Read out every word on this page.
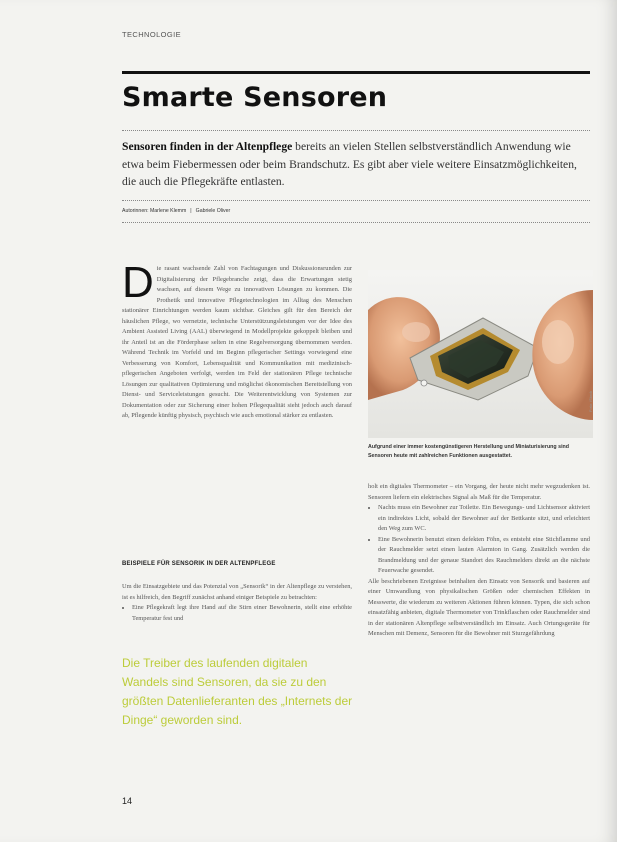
TECHNOLOGIE
Smarte Sensoren

Sensoren finden in der Altenpflege bereits an vielen Stellen selbstverständlich Anwendung wie etwa beim Fiebermessen oder beim Brandschutz. Es gibt aber viele weitere Einsatzmöglichkeiten, die auch die Pflegekräfte entlasten.

Autorinnen: Marlene Klemm | Gabriele Oliver

Die rasant wachsende Zahl von Fachtagungen und Diskussionsrunden zur Digitalisierung der Pflegebranche zeigt, dass die Erwartungen stetig wachsen, auf diesem Wege zu innovativen Lösungen zu kommen. Die Prothetik und innovative Pflegetechnologien im Alltag des Menschen stationärer Einrichtungen werden kaum sichtbar. Gleiches gilt für den Bereich der häuslichen Pflege, wo vernetzte, technische Unterstützungsleistungen vor der Idee des Ambient Assisted Living (AAL) überwiegend in Modellprojekte gekoppelt bleiben und ihr Anteil ist an die Förderphase selten in eine Regelversorgung übernommen werden. Während Technik im Vorfeld und im Beginn pflegerischer Settings vorwiegend eine Verbesserung von Komfort, Lebensqualität und Kommunikation mit medizinisch-pflegerischen Angeboten verfolgt, werden im Feld der stationären Pflege technische Lösungen zur qualitativen Optimierung und möglichst ökonomischen Bereitstellung von Dienst- und Serviceleistungen gesucht. Die Weiterentwicklung von Systemen zur Dokumentation oder zur Sicherung einer hohen Pflegequalität sieht jedoch auch darauf ab, Pflegende künftig physisch, psychisch wie auch emotional stärker zu entlasten.

BEISPIELE FÜR SENSORIK IN DER ALTENPFLEGE

Um die Einsatzgebiete und das Potenzial von „Sensorik“ in der Altenpflege zu verstehen, ist es hilfreich, den Begriff zunächst anhand einiger Beispiele zu betrachten:

• Eine Pflegekraft legt ihre Hand auf die Stirn einer Bewohnerin, stellt eine erhöhte Temperatur fest und

Die Treiber des laufenden digitalen Wandels sind Sensoren, da sie zu den größten Datenlieferanten des „Internets der Dinge“ geworden sind.

Foto: iStock

Aufgrund einer immer kostengünstigeren Herstellung und Miniaturisierung sind Sensoren heute mit zahlreichen Funktionen ausgestattet.

holt ein digitales Thermometer – ein Vorgang, der heute nicht mehr wegzudenken ist. Sensoren liefern ein elektrisches Signal als Maß für die Temperatur.

• Nachts muss ein Bewohner zur Toilette. Ein Bewegungs- und Lichtsensor aktiviert ein indirektes Licht, sobald der Bewohner auf der Bettkante sitzt, und erleichtert den Weg zum WC.
• Eine Bewohnerin benutzt einen defekten Föhn, es entsteht eine Stichflamme und der Rauchmelder setzt einen lauten Alarmton in Gang. Zusätzlich werden die Brandmeldung und der genaue Standort des Rauchmelders direkt an die nächste Feuerwache gesendet.

Alle beschriebenen Ereignisse beinhalten den Einsatz von Sensorik und basieren auf einer Umwandlung von physikalischen Größen oder chemischen Effekten in Messwerte, die wiederum zu weiteren Aktionen führen können. Typen, die sich schon einsatzfähig anbieten, digitale Thermometer von Trinkflaschen oder Rauchmelder sind in der stationären Altenpflege selbstverständlich im Einsatz. Auch Ortungsgeräte für Menschen mit Demenz, Sensoren für die Bewohner mit Sturzgefährdung

14
